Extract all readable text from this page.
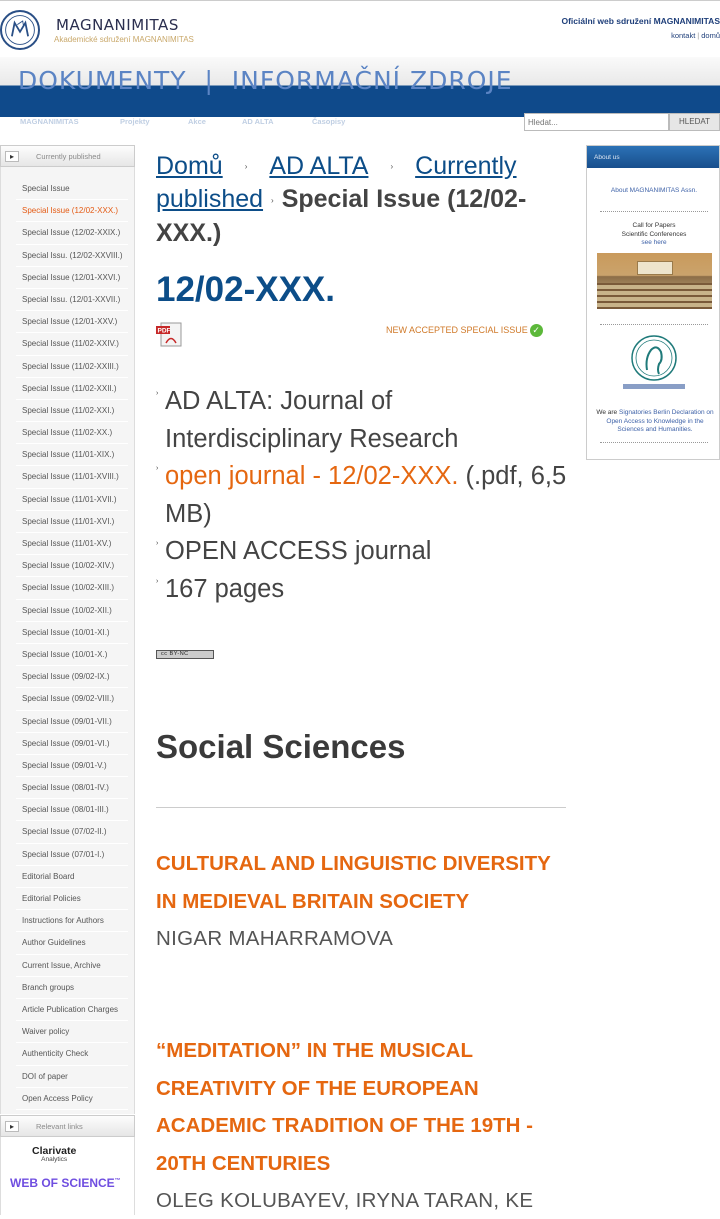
MAGNANIMITAS
Akademické sdružení MAGNANIMITAS
Oficiální web sdružení MAGNANIMITAS
kontakt | domů
DOKUMENTY  |  INFORMAČNÍ ZDROJE
MAGNANIMITAS	Projekty	Akce	AD ALTA	Časopisy
Hledat...	HLEDAT
▸	Currently published
Special Issue
Special Issue (12/02-XXX.)
Special Issue (12/02-XXIX.)
Special Issu. (12/02-XXVIII.)
Special Issue (12/01-XXVI.)
Special Issu. (12/01-XXVII.)
Special Issue (12/01-XXV.)
Special Issue (11/02-XXIV.)
Special Issue (11/02-XXIII.)
Special Issue (11/02-XXII.)
Special Issue (11/02-XXI.)
Special Issue (11/02-XX.)
Special Issue (11/01-XIX.)
Special Issue (11/01-XVIII.)
Special Issue (11/01-XVII.)
Special Issue (11/01-XVI.)
Special Issue (11/01-XV.)
Special Issue (10/02-XIV.)
Special Issue (10/02-XIII.)
Special Issue (10/02-XII.)
Special Issue (10/01-XI.)
Special Issue (10/01-X.)
Special Issue (09/02-IX.)
Special Issue (09/02-VIII.)
Special Issue (09/01-VII.)
Special Issue (09/01-VI.)
Special Issue (09/01-V.)
Special Issue (08/01-IV.)
Special Issue (08/01-III.)
Special Issue (07/02-II.)
Special Issue (07/01-I.)
Editorial Board
Editorial Policies
Instructions for Authors
Author Guidelines
Current Issue, Archive
Branch groups
Article Publication Charges
Waiver policy
Authenticity Check
DOI of paper
Open Access Policy
▸	Relevant links
Clarivate
Analytics
WEB OF SCIENCE™
Domů	› AD ALTA	› Currently published › Special Issue (12/02-XXX.)
12/02-XXX.
PDF	NEW ACCEPTED SPECIAL ISSUE ✓
› AD ALTA: Journal of Interdisciplinary Research
› open journal - 12/02-XXX. (.pdf, 6,5 MB)
› OPEN ACCESS journal
› 167 pages
cc BY-NC
Social Sciences
CULTURAL AND LINGUISTIC DIVERSITY IN MEDIEVAL BRITAIN SOCIETY
NIGAR MAHARRAMOVA
“MEDITATION” IN THE MUSICAL CREATIVITY OF THE EUROPEAN ACADEMIC TRADITION OF THE 19TH - 20TH CENTURIES
OLEG KOLUBAYEV, IRYNA TARAN, KE
About us
About MAGNANIMITAS Assn.
Call for Papers
Scientific Conferences
see here
We are Signatories Berlin Declaration on Open Access to Knowledge in the Sciences and Humanities.
